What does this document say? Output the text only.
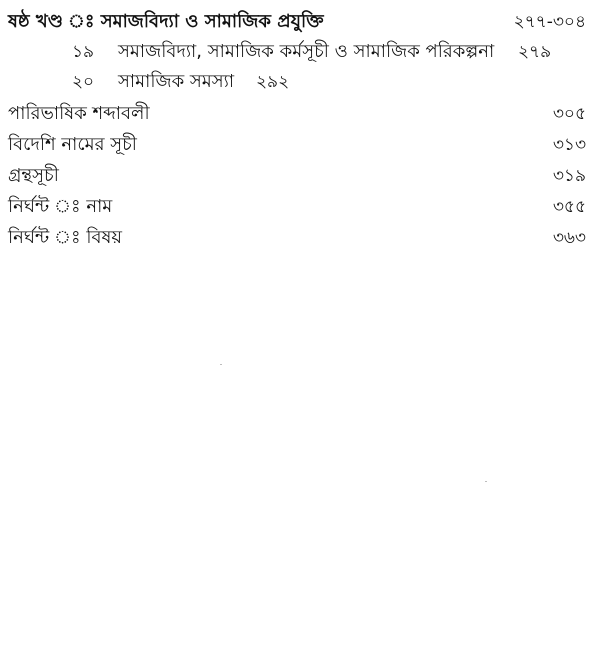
ষষ্ঠ খণ্ড ঃ সমাজবিদ্যা ও সামাজিক প্রযুক্তি	২৭৭-৩০৪
১৯ সমাজবিদ্যা, সামাজিক কর্মসূচী ও সামাজিক পরিকল্পনা ২৭৯
২০ সামাজিক সমস্যা ২৯২
পারিভাষিক শব্দাবলী	৩০৫
বিদেশি নামের সূচী	৩১৩
গ্রন্থসূচী	৩১৯
নির্ঘন্ট ঃ নাম	৩৫৫
নির্ঘন্ট ঃ বিষয়	৩৬৩
